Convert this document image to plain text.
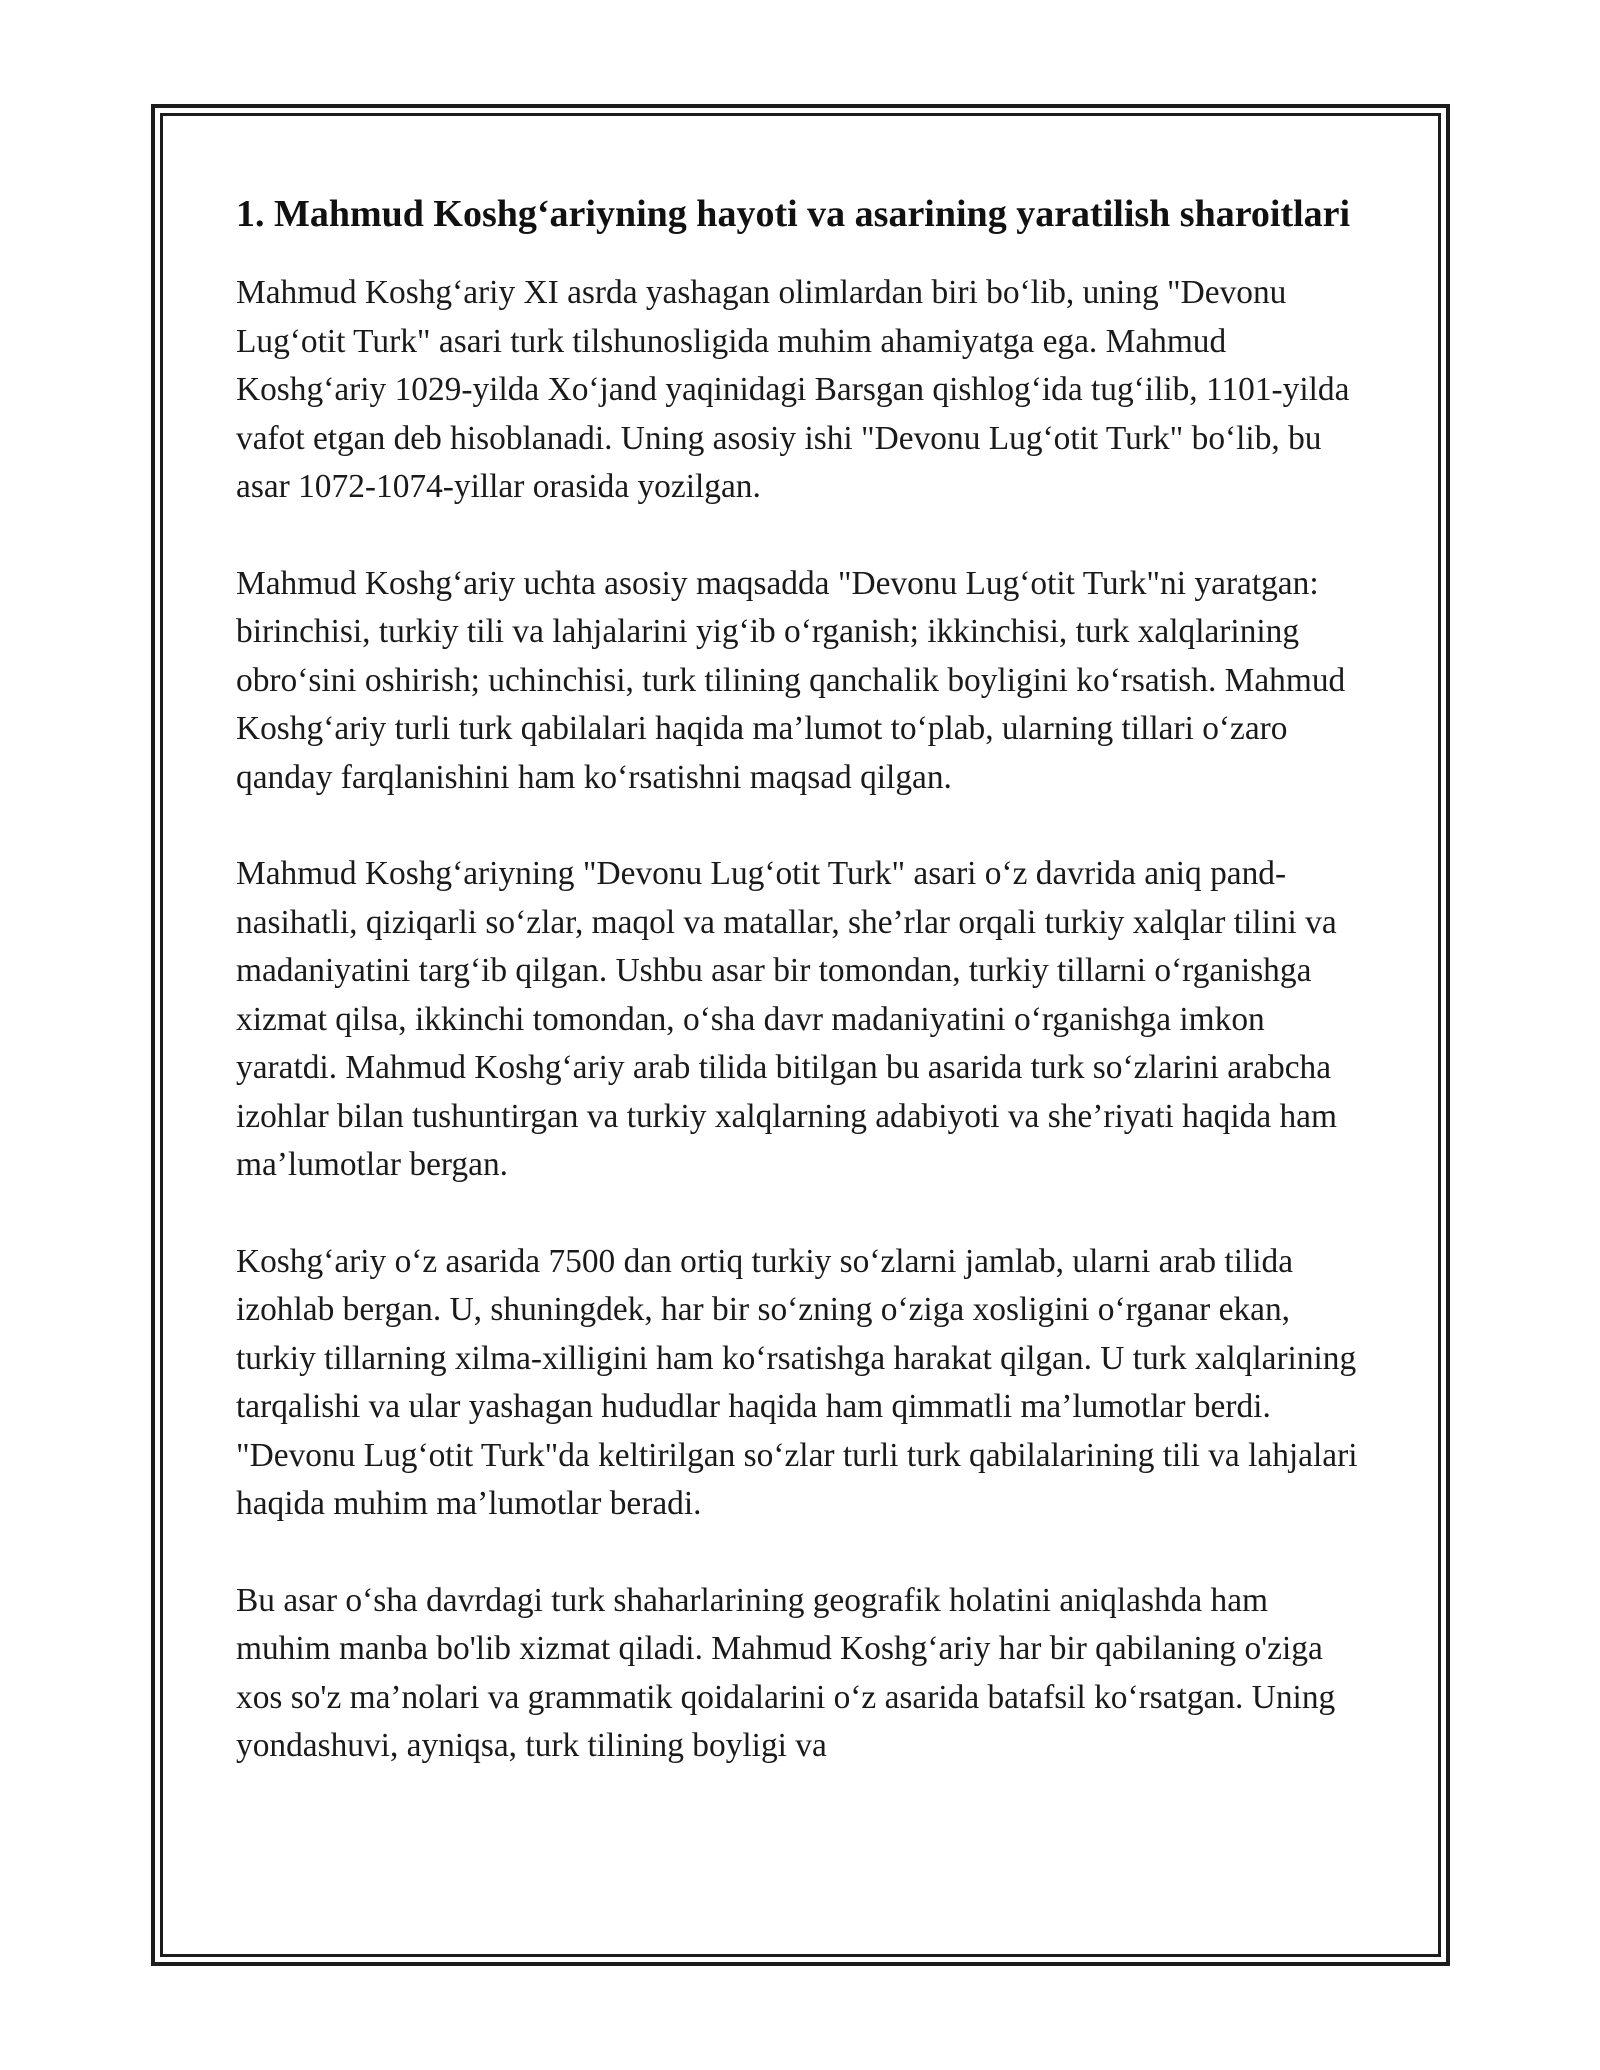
1. Mahmud Koshg‘ariyning hayoti va asarining yaratilish sharoitlari

Mahmud Koshg‘ariy XI asrda yashagan olimlardan biri bo‘lib, uning "Devonu Lug‘otit Turk" asari turk tilshunosligida muhim ahamiyatga ega. Mahmud Koshg‘ariy 1029-yilda Xo‘jand yaqinidagi Barsgan qishlog‘ida tug‘ilib, 1101-yilda vafot etgan deb hisoblanadi. Uning asosiy ishi "Devonu Lug‘otit Turk" bo‘lib, bu asar 1072-1074-yillar orasida yozilgan.

Mahmud Koshg‘ariy uchta asosiy maqsadda "Devonu Lug‘otit Turk"ni yaratgan: birinchisi, turkiy tili va lahjalarini yig‘ib o‘rganish; ikkinchisi, turk xalqlarining obro‘sini oshirish; uchinchisi, turk tilining qanchalik boyligini ko‘rsatish. Mahmud Koshg‘ariy turli turk qabilalari haqida ma’lumot to‘plab, ularning tillari o‘zaro qanday farqlanishini ham ko‘rsatishni maqsad qilgan.

Mahmud Koshg‘ariyning "Devonu Lug‘otit Turk" asari o‘z davrida aniq pand-nasihatli, qiziqarli so‘zlar, maqol va matallar, she’rlar orqali turkiy xalqlar tilini va madaniyatini targ‘ib qilgan. Ushbu asar bir tomondan, turkiy tillarni o‘rganishga xizmat qilsa, ikkinchi tomondan, o‘sha davr madaniyatini o‘rganishga imkon yaratdi. Mahmud Koshg‘ariy arab tilida bitilgan bu asarida turk so‘zlarini arabcha izohlar bilan tushuntirgan va turkiy xalqlarning adabiyoti va she’riyati haqida ham ma’lumotlar bergan.

Koshg‘ariy o‘z asarida 7500 dan ortiq turkiy so‘zlarni jamlab, ularni arab tilida izohlab bergan. U, shuningdek, har bir so‘zning o‘ziga xosligini o‘rganar ekan, turkiy tillarning xilma-xilligini ham ko‘rsatishga harakat qilgan. U turk xalqlarining tarqalishi va ular yashagan hududlar haqida ham qimmatli ma’lumotlar berdi. "Devonu Lug‘otit Turk"da keltirilgan so‘zlar turli turk qabilalarining tili va lahjalari haqida muhim ma’lumotlar beradi.

Bu asar o‘sha davrdagi turk shaharlarining geografik holatini aniqlashda ham muhim manba bo'lib xizmat qiladi. Mahmud Koshg‘ariy har bir qabilaning o'ziga xos so'z ma’nolari va grammatik qoidalarini o‘z asarida batafsil ko‘rsatgan. Uning yondashuvi, ayniqsa, turk tilining boyligi va
